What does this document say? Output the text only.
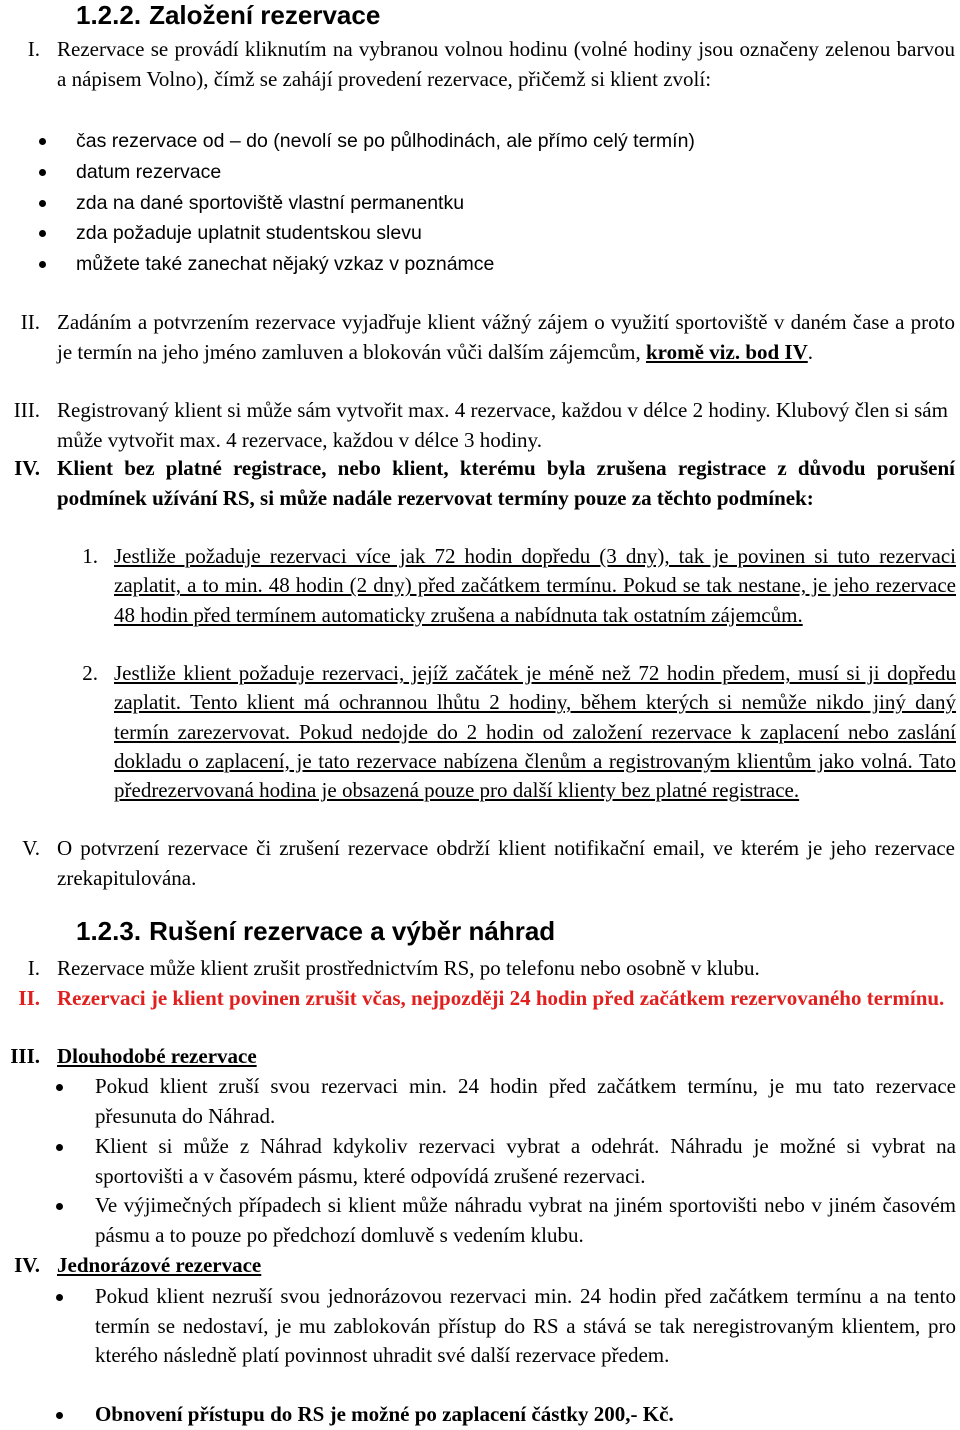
1.2.2. Založení rezervace
I. Rezervace se provádí kliknutím na vybranou volnou hodinu (volné hodiny jsou označeny zelenou barvou a nápisem Volno), čímž se zahájí provedení rezervace, přičemž si klient zvolí:
čas rezervace od – do (nevolí se po půlhodinách, ale přímo celý termín)
datum rezervace
zda na dané sportoviště vlastní permanentku
zda požaduje uplatnit studentskou slevu
můžete také zanechat nějaký vzkaz v poznámce
II. Zadáním a potvrzením rezervace vyjadřuje klient vážný zájem o využití sportoviště v daném čase a proto je termín na jeho jméno zamluven a blokován vůči dalším zájemcům, kromě viz. bod IV.
III. Registrovaný klient si může sám vytvořit max. 4 rezervace, každou v délce 2 hodiny. Klubový člen si sám může vytvořit max. 4 rezervace, každou v délce 3 hodiny.
IV. Klient bez platné registrace, nebo klient, kterému byla zrušena registrace z důvodu porušení podmínek užívání RS, si může nadále rezervovat termíny pouze za těchto podmínek:
1. Jestliže požaduje rezervaci více jak 72 hodin dopředu (3 dny), tak je povinen si tuto rezervaci zaplatit, a to min. 48 hodin (2 dny) před začátkem termínu. Pokud se tak nestane, je jeho rezervace 48 hodin před termínem automaticky zrušena a nabídnuta tak ostatním zájemcům.
2. Jestliže klient požaduje rezervaci, jejíž začátek je méně než 72 hodin předem, musí si ji dopředu zaplatit. Tento klient má ochrannou lhůtu 2 hodiny, během kterých si nemůže nikdo jiný daný termín zarezervovat. Pokud nedojde do 2 hodin od založení rezervace k zaplacení nebo zaslání dokladu o zaplacení, je tato rezervace nabízena členům a registrovaným klientům jako volná. Tato předrezervovaná hodina je obsazená pouze pro další klienty bez platné registrace.
V. O potvrzení rezervace či zrušení rezervace obdrží klient notifikační email, ve kterém je jeho rezervace zrekapitulována.
1.2.3. Rušení rezervace a výběr náhrad
I. Rezervace může klient zrušit prostřednictvím RS, po telefonu nebo osobně v klubu.
II. Rezervaci je klient povinen zrušit včas, nejpozději 24 hodin před začátkem rezervovaného termínu.
III. Dlouhodobé rezervace
Pokud klient zruší svou rezervaci min. 24 hodin před začátkem termínu, je mu tato rezervace přesunuta do Náhrad.
Klient si může z Náhrad kdykoliv rezervaci vybrat a odehrát. Náhradu je možné si vybrat na sportovišti a v časovém pásmu, které odpovídá zrušené rezervaci.
Ve výjimečných případech si klient může náhradu vybrat na jiném sportovišti nebo v jiném časovém pásmu a to pouze po předchozí domluvě s vedením klubu.
IV. Jednorázové rezervace
Pokud klient nezruší svou jednorázovou rezervaci min. 24 hodin před začátkem termínu a na tento termín se nedostaví, je mu zablokován přístup do RS a stává se tak neregistrovaným klientem, pro kterého následně platí povinnost uhradit své další rezervace předem.
Obnovení přístupu do RS je možné po zaplacení částky 200,- Kč.
